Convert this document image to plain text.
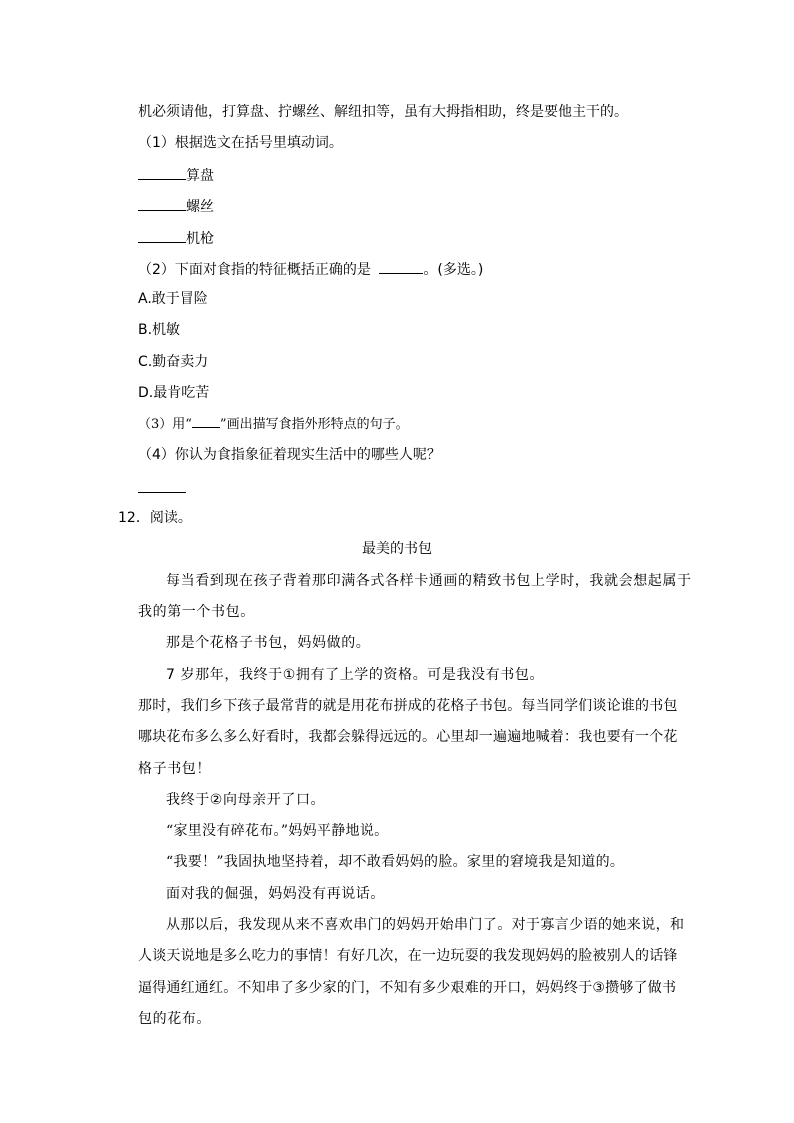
机必须请他，打算盘、拧螺丝、解纽扣等，虽有大拇指相助，终是要他主干的。
（1）根据选文在括号里填动词。
算盘
螺丝
机枪
（2）下面对食指的特征概括正确的是	。(多选。)
A.敢于冒险
B.机敏
C.勤奋卖力
D.最肯吃苦
（3）用“ ”画出描写食指外形特点的句子。
（4）你认为食指象征着现实生活中的哪些人呢？
12．阅读。
最美的书包
每当看到现在孩子背着那印满各式各样卡通画的精致书包上学时，我就会想起属于
我的第一个书包。
那是个花格子书包，妈妈做的。
7 岁那年，我终于①拥有了上学的资格。可是我没有书包。
那时，我们乡下孩子最常背的就是用花布拼成的花格子书包。每当同学们谈论谁的书包
哪块花布多么多么好看时，我都会躲得远远的。心里却一遍遍地喊着：我也要有一个花
格子书包！
我终于②向母亲开了口。
“家里没有碎花布。”妈妈平静地说。
“我要！”我固执地坚持着，却不敢看妈妈的脸。家里的窘境我是知道的。
面对我的倔强，妈妈没有再说话。
从那以后，我发现从来不喜欢串门的妈妈开始串门了。对于寡言少语的她来说，和
人谈天说地是多么吃力的事情！有好几次，在一边玩耍的我发现妈妈的脸被别人的话锋
逼得通红通红。不知串了多少家的门，不知有多少艰难的开口，妈妈终于③攒够了做书
包的花布。
